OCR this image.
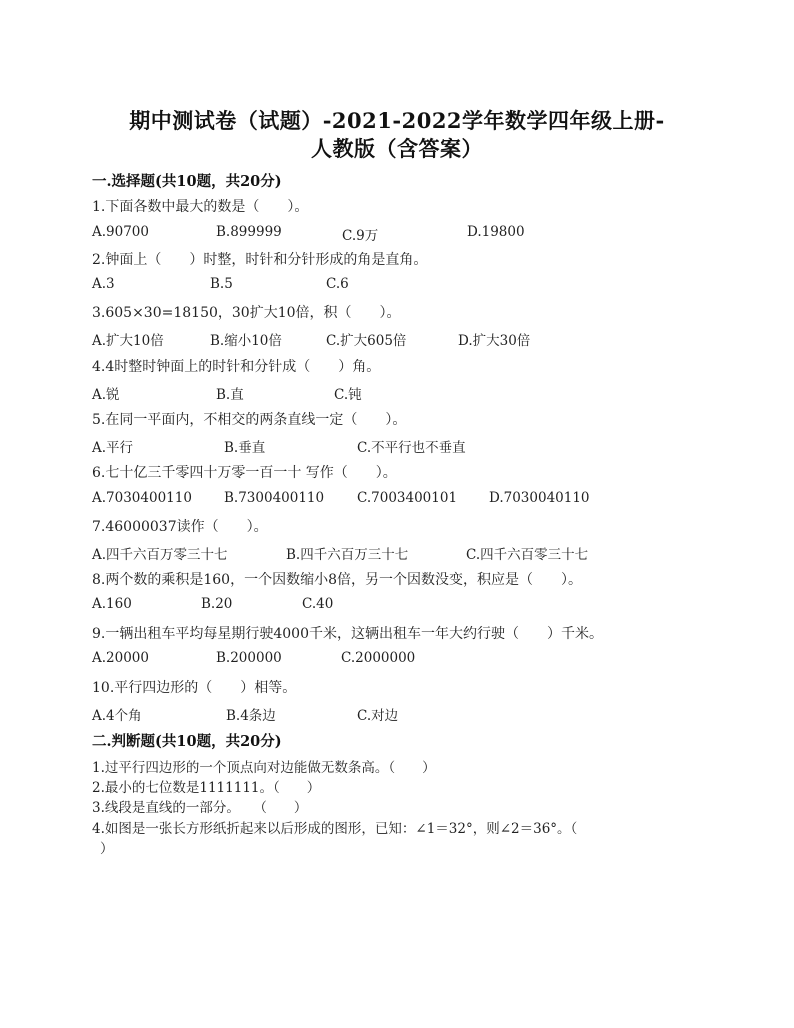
期中测试卷（试题）-2021-2022学年数学四年级上册-
人教版（含答案）
一.选择题(共10题，共20分)
1.下面各数中最大的数是（　　）。
A.90700	B.899999	C.9万	D.19800
2.钟面上（　　）时整，时针和分针形成的角是直角。
A.3	B.5	C.6
3.605×30=18150，30扩大10倍，积（　　）。
A.扩大10倍	B.缩小10倍	C.扩大605倍	D.扩大30倍
4.4时整时钟面上的时针和分针成（　　）角。
A.锐	B.直	C.钝
5.在同一平面内，不相交的两条直线一定（　　）。
A.平行	B.垂直	C.不平行也不垂直
6.七十亿三千零四十万零一百一十 写作（　　）。
A.7030400110 B.7300400110 C.7003400101 D.7030040110
7.46000037读作（　　）。
A.四千六百万零三十七	B.四千六百万三十七	C.四千六百零三十七
8.两个数的乘积是160，一个因数缩小8倍，另一个因数没变，积应是（　　）。
A.160	B.20	C.40
9.一辆出租车平均每星期行驶4000千米，这辆出租车一年大约行驶（　　）千米。
A.20000	B.200000	C.2000000
10.平行四边形的（　　）相等。
A.4个角	B.4条边	C.对边
二.判断题(共10题，共20分)
1.过平行四边形的一个顶点向对边能做无数条高。（　　）
2.最小的七位数是1111111。（　　）
3.线段是直线的一部分。　　（　　）
4.如图是一张长方形纸折起来以后形成的图形，已知：∠1＝32°，则∠2＝36°。（
）
